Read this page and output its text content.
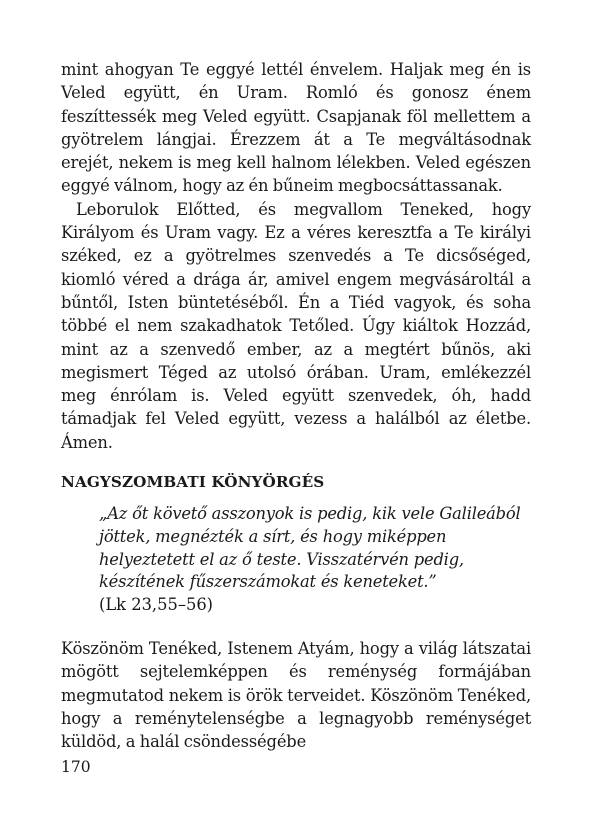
mint ahogyan Te eggyé lettél énvelem. Haljak meg én is Veled együtt, én Uram. Romló és gonosz énem feszíttessék meg Veled együtt. Csapjanak föl mellettem a gyötrelem lángjai. Érezzem át a Te megváltásodnak erejét, nekem is meg kell halnom lélekben. Veled egészen eggyé válnom, hogy az én bűneim megbocsáttassanak.

Leborulok Előtted, és megvallom Teneked, hogy Királyom és Uram vagy. Ez a véres keresztfa a Te királyi széked, ez a gyötrelmes szenvedés a Te dicsőséged, kiomló véred a drága ár, amivel engem megvásároltál a bűntől, Isten büntetéséből. Én a Tiéd vagyok, és soha többé el nem szakadhatok Tetőled. Úgy kiáltok Hozzád, mint az a szenvedő ember, az a megtért bűnös, aki megismert Téged az utolsó órában. Uram, emlékezzél meg énrólam is. Veled együtt szenvedek, óh, hadd támadjak fel Veled együtt, vezess a halálból az életbe. Ámen.

NAGYSZOMBATI KÖNYÖRGÉS
„Az őt követő asszonyok is pedig, kik vele Galileából jöttek, megnézték a sírt, és hogy miképpen helyeztetett el az ő teste. Visszatérvén pedig, készítének fűszerszámokat és keneteket.”
(Lk 23,55–56)

Köszönöm Tenéked, Istenem Atyám, hogy a világ látszatai mögött sejtelemképpen és reménység formájában megmutatod nekem is örök terveidet. Köszönöm Tenéked, hogy a reménytelenségbe a legnagyobb reménységet küldöd, a halál csöndességébe

170
